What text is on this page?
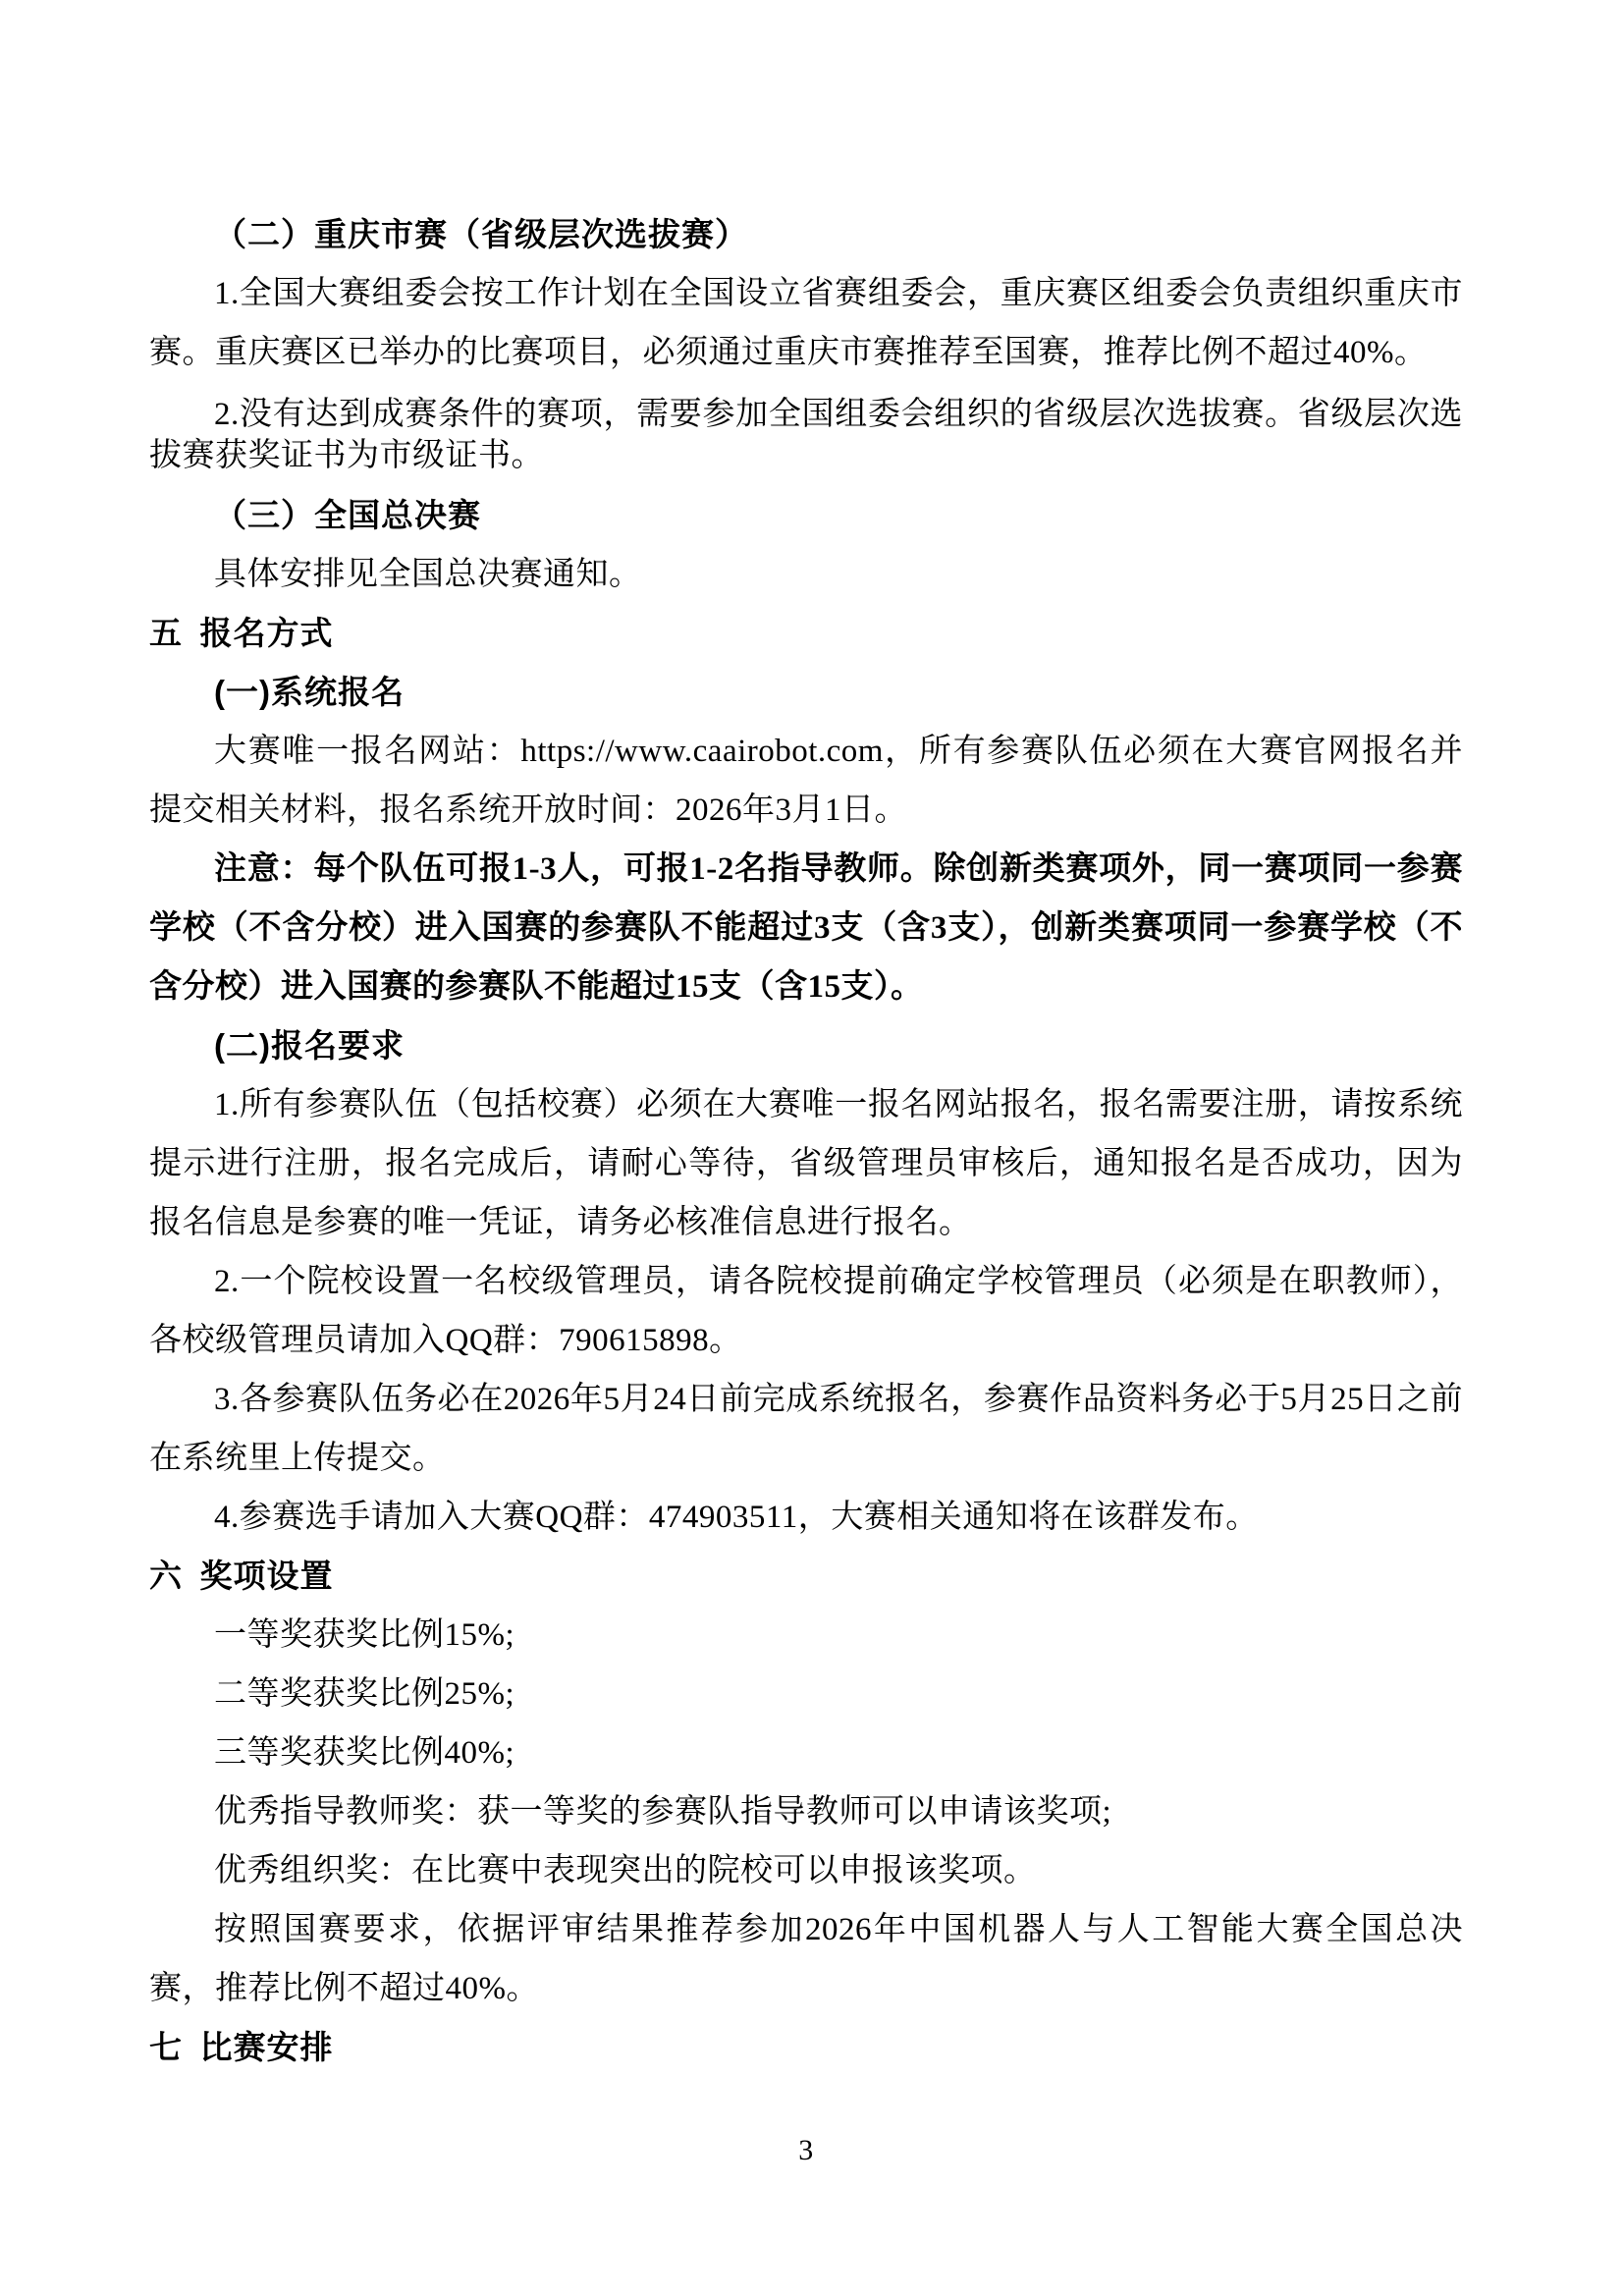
（二）重庆市赛（省级层次选拔赛）

1.全国大赛组委会按工作计划在全国设立省赛组委会，重庆赛区组委会负责组织重庆市赛。重庆赛区已举办的比赛项目，必须通过重庆市赛推荐至国赛，推荐比例不超过40%。

2.没有达到成赛条件的赛项，需要参加全国组委会组织的省级层次选拔赛。省级层次选拔赛获奖证书为市级证书。

（三）全国总决赛

具体安排见全国总决赛通知。

五 报名方式
(一)系统报名

大赛唯一报名网站：https://www.caairobot.com，所有参赛队伍必须在大赛官网报名并提交相关材料，报名系统开放时间：2026年3月1日。

注意：每个队伍可报1-3人，可报1-2名指导教师。除创新类赛项外，同一赛项同一参赛学校（不含分校）进入国赛的参赛队不能超过3支（含3支），创新类赛项同一参赛学校（不含分校）进入国赛的参赛队不能超过15支（含15支）。

(二)报名要求

1.所有参赛队伍（包括校赛）必须在大赛唯一报名网站报名，报名需要注册，请按系统提示进行注册，报名完成后，请耐心等待，省级管理员审核后，通知报名是否成功，因为报名信息是参赛的唯一凭证，请务必核准信息进行报名。

2.一个院校设置一名校级管理员，请各院校提前确定学校管理员（必须是在职教师），各校级管理员请加入QQ群：790615898。

3.各参赛队伍务必在2026年5月24日前完成系统报名，参赛作品资料务必于5月25日之前在系统里上传提交。

4.参赛选手请加入大赛QQ群：474903511，大赛相关通知将在该群发布。

六 奖项设置

一等奖获奖比例15%;

二等奖获奖比例25%;

三等奖获奖比例40%;

优秀指导教师奖：获一等奖的参赛队指导教师可以申请该奖项;

优秀组织奖：在比赛中表现突出的院校可以申报该奖项。

按照国赛要求，依据评审结果推荐参加2026年中国机器人与人工智能大赛全国总决赛，推荐比例不超过40%。

七 比赛安排
3
